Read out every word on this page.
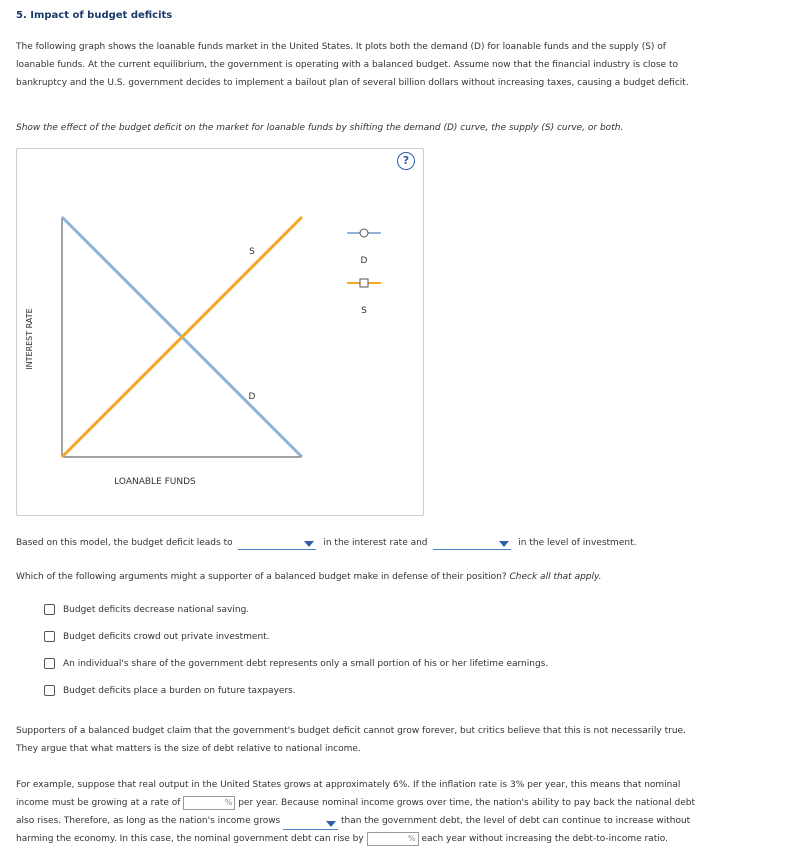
5. Impact of budget deficits
The following graph shows the loanable funds market in the United States. It plots both the demand (D) for loanable funds and the supply (S) of
loanable funds. At the current equilibrium, the government is operating with a balanced budget. Assume now that the financial industry is close to
bankruptcy and the U.S. government decides to implement a bailout plan of several billion dollars without increasing taxes, causing a budget deficit.
Show the effect of the budget deficit on the market for loanable funds by shifting the demand (D) curve, the supply (S) curve, or both.
?
S
D
D
S
LOANABLE FUNDS
INTEREST RATE
Based on this model, the budget deficit leads to	in the interest rate and	in the level of investment.
Which of the following arguments might a supporter of a balanced budget make in defense of their position? Check all that apply.
Budget deficits decrease national saving.
Budget deficits crowd out private investment.
An individual's share of the government debt represents only a small portion of his or her lifetime earnings.
Budget deficits place a burden on future taxpayers.
Supporters of a balanced budget claim that the government's budget deficit cannot grow forever, but critics believe that this is not necessarily true.
They argue that what matters is the size of debt relative to national income.
For example, suppose that real output in the United States grows at approximately 6%. If the inflation rate is 3% per year, this means that nominal
income must be growing at a rate of	% per year. Because nominal income grows over time, the nation's ability to pay back the national debt
also rises. Therefore, as long as the nation's income grows	than the government debt, the level of debt can continue to increase without
harming the economy. In this case, the nominal government debt can rise by	% each year without increasing the debt-to-income ratio.
